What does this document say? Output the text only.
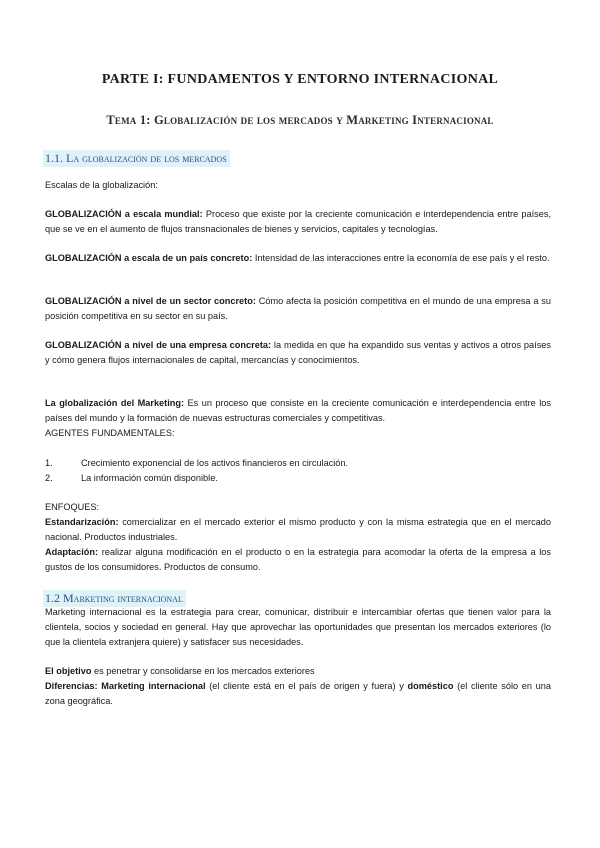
PARTE I: FUNDAMENTOS Y ENTORNO INTERNACIONAL
Tema 1: Globalización de los mercados y Marketing Internacional
1.1. La globalización de los mercados

Escalas de la globalización:

GLOBALIZACIÓN a escala mundial: Proceso que existe por la creciente comunicación e interdependencia entre países, que se ve en el aumento de flujos transnacionales de bienes y servicios, capitales y tecnologías.

GLOBALIZACIÓN a escala de un país concreto: Intensidad de las interacciones entre la economía de ese país y el resto.

GLOBALIZACIÓN a nivel de un sector concreto: Cómo afecta la posición competitiva en el mundo de una empresa a su posición competitiva en su sector en su país.

GLOBALIZACIÓN a nivel de una empresa concreta: la medida en que ha expandido sus ventas y activos a otros países y cómo genera flujos internacionales de capital, mercancías y conocimientos.

La globalización del Marketing: Es un proceso que consiste en la creciente comunicación e interdependencia entre los países del mundo y la formación de nuevas estructuras comerciales y competitivas.
AGENTES FUNDAMENTALES:

1.	Crecimiento exponencial de los activos financieros en circulación.
2.	La información común disponible.

ENFOQUES:
Estandarización: comercializar en el mercado exterior el mismo producto y con la misma estrategia que en el mercado nacional. Productos industriales.
Adaptación: realizar alguna modificación en el producto o en la estrategia para acomodar la oferta de la empresa a los gustos de los consumidores. Productos de consumo.

1.2 Marketing internacional

Marketing internacional es la estrategia para crear, comunicar, distribuir e intercambiar ofertas que tienen valor para la clientela, socios y sociedad en general. Hay que aprovechar las oportunidades que presentan los mercados exteriores (lo que la clientela extranjera quiere) y satisfacer sus necesidades.

El objetivo es penetrar y consolidarse en los mercados exteriores
Diferencias: Marketing internacional (el cliente está en el país de origen y fuera) y doméstico (el cliente sólo en una zona geográfica.
